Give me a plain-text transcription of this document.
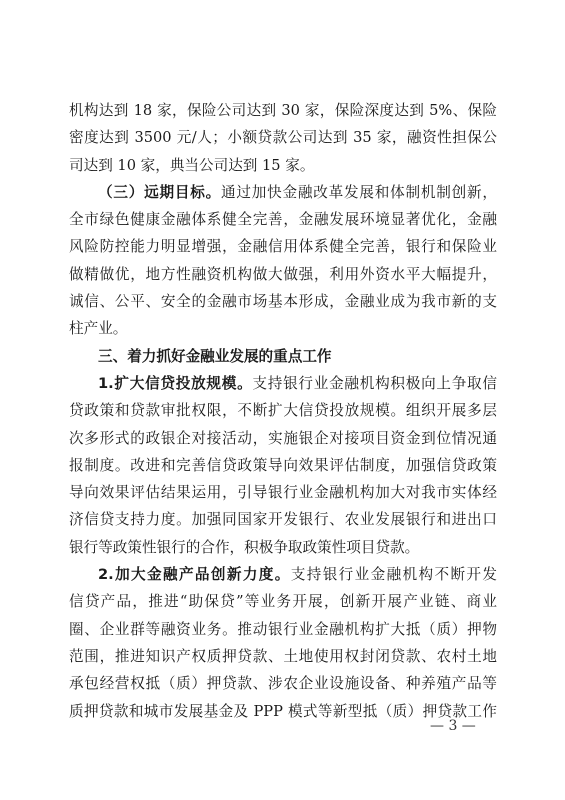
机构达到 18 家，保险公司达到 30 家，保险深度达到 5%、保险
密度达到 3500 元/人；小额贷款公司达到 35 家，融资性担保公
司达到 10 家，典当公司达到 15 家。
（三）远期目标。通过加快金融改革发展和体制机制创新，
全市绿色健康金融体系健全完善，金融发展环境显著优化，金融
风险防控能力明显增强，金融信用体系健全完善，银行和保险业
做精做优，地方性融资机构做大做强，利用外资水平大幅提升，
诚信、公平、安全的金融市场基本形成，金融业成为我市新的支
柱产业。
三、着力抓好金融业发展的重点工作
1.扩大信贷投放规模。支持银行业金融机构积极向上争取信
贷政策和贷款审批权限，不断扩大信贷投放规模。组织开展多层
次多形式的政银企对接活动，实施银企对接项目资金到位情况通
报制度。改进和完善信贷政策导向效果评估制度，加强信贷政策
导向效果评估结果运用，引导银行业金融机构加大对我市实体经
济信贷支持力度。加强同国家开发银行、农业发展银行和进出口
银行等政策性银行的合作，积极争取政策性项目贷款。
2.加大金融产品创新力度。支持银行业金融机构不断开发
信贷产品，推进“助保贷”等业务开展，创新开展产业链、商业
圈、企业群等融资业务。推动银行业金融机构扩大抵（质）押物
范围，推进知识产权质押贷款、土地使用权封闭贷款、农村土地
承包经营权抵（质）押贷款、涉农企业设施设备、种养殖产品等
质押贷款和城市发展基金及 PPP 模式等新型抵（质）押贷款工作
— 3 —
